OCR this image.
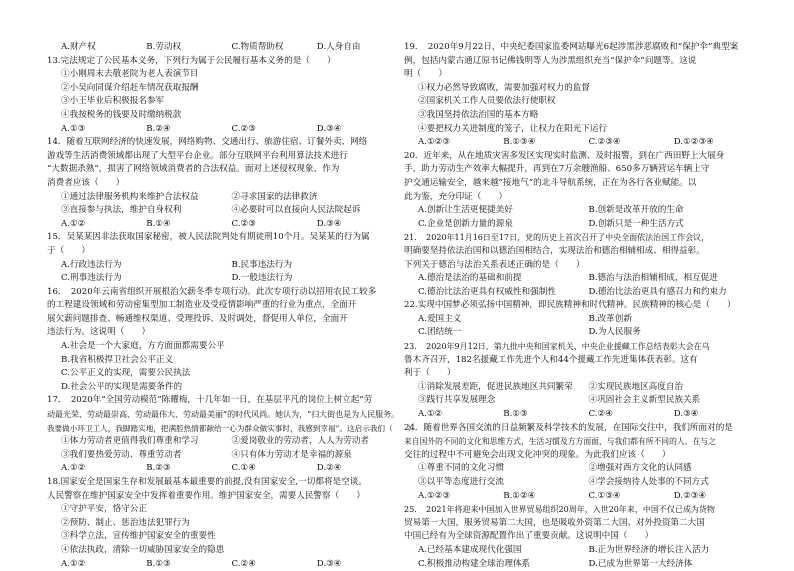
A.财产权	B.劳动权	C.物质帮助权	D.人身自由
13.完法规定了公民基本义务，下列行为属于公民履行基本义务的是（　　）
①小刚周末去敬老院为老人表演节目
②小吴向同谋介绍赶车情况获取报酬
③小王毕业后积极报名参军
④我按税务的钱要及时缴纳税款
A.①③	B.②④	C.②③	D.③④
14．随着互联网经济的快速发展，网络购物、交通出行、旅游住宿、订餐外卖、网络
游戏等生活消费领域都出现了大型平台企业。部分互联网平台利用算法技术进行
“大数据杀熟”，损害了网络领域消费者的合法权益。面对上述侵权现象，作为
消费者应该（　　）
①通过法律服务机构来维护合法权益	②寻求国家的法律救济
③直接参与执法，维护自身权利	④必要时可以直接向人民法院起诉
A.①②	B.①④	C.②③	D.③④
15．吴某某因非法获取国家秘密，被人民法院判处有期徒刑10个月。吴某某的行为属
于（　　）
A.行政违法行为	B.民事违法行为
C.刑事违法行为	D.一般违法行为
16．　2020年云南省组织开展根治欠薪冬季专项行动。此次专项行动以招用农民工较多
的工程建设领域和劳动密集型加工制造业及受疫情影响严重的行业为重点，全面开
展欠薪问题排查、畅通维权渠道、受理投诉、及时调处，督促用人单位，全面开
违法行为。这说明（　　）
A.社会是一个大家庭，方方面面都需要公平
B.我省积极捍卫社会公平正义
C.公平正义的实现，需要公民执法
D.社会公平的实现是需要条件的
17．　2020年“全国劳动模范”陈耀梅，十几年如一日，在基层平凡的岗位上树立起“劳
动最光荣、劳动最崇高、劳动最伟大、劳动最美丽”的时代风尚。她认为，“扫大街也是为人民服务。
我要做小环卫工人，我脚踏实地，把满腔热情都献给一心为群众做实事时，我感到幸福”。这启示我们（　　）
①体力劳动者更值得我们尊重和学习	②爱岗敬业的劳动者，人人为劳动者
③我们要热爱劳动、尊重劳动者	④只有体力劳动才是幸福的源泉
A.①②	B.②③	C.①④	D.②④
18.国家安全是国家生存和发展最基本最重要的前提,没有国家安全,一切都将是空谈。
人民警察在维护国家安全中发挥着重要作用。维护国家安全，需要人民警察（　　）
①守护平安，恪守公正
②预防、制止、惩治违法犯罪行为
③科学立法，宣传维护国家安全的重要性
④依法执政，清除一切威胁国家安全的隐患
A.①②	B.①③	C.②④	D.③④
19．　2020年9月22日，中央纪委国家监委网站曝光6起涉黑涉恶腐败和“保护伞”典型案
例，包括内蒙古通辽原书记佛钱明等人为涉黑组织充当“保护伞”问题等。这说
明（　　）
①权力必然导致腐败，需要加强对权力的监督
②国家机关工作人员要依法行使职权
③我国坚持依法治国的基本方略
④要把权力关进制度的笼子，让权力在阳光下运行
A.①②③	B.①③④	C.②③④	D.①②③④
20．近年来，从在地质灾害多发区实现实时监测、及时报警，到在广西田野上大展身
手，助力劳动生产效率大幅提升，再到在7万余艘渔船、650多万辆营运车辆上守
护交通运输安全，越来越“接地气”的北斗导航系统，正在为各行各业赋能。以
此为鉴，充分印证（　　）
A.创新让生活更便捷美好	B.创新是改革开放的生命
C.企业是创新力量的源泉	D.创新只是一种生活方式
21．　2020年11月16日至17日，党的历史上首次召开了中央全面依法治国工作会议，
明确要坚持依法治国和以德治国相结合，实现法治和德治相辅相成、相得益彰。
下列关于德治与法治关系表述正确的是（　　）
A.德治是法治的基础和前提	B.德治与法治相辅相成，相互促进
C.德治比法治更具有权威性和强制性	D.德治比法治更具有感召力和约束力
22.实现中国梦必须弘扬中国精神，即民族精神和时代精神。民族精神的核心是（　　）
A.爱国主义	B.改革创新
C.团结统一	D.为人民服务
23．　2020年9月12日，第九批中央和国家机关、中央企业援藏工作总结表彰大会在乌
鲁木齐召开，182名援藏工作先进个人和44个援藏工作先进集体获表彰。这有
利于（　　）
①消除发展差距，促进民族地区共同繁荣	②实现民族地区高度自治
③践行共享发展理念	④巩固社会主义新型民族关系
A.①②	B.①③	C.②④	D.③④
24．随着世界各国交流的日益频繁及科学技术的发展，在国际交往中，我们所面对的是
来自国外的不同的文化和思维方式，生活习惯及方方面面，与我们都有所不同的人。在与之
交往的过程中不可避免会出现文化冲突的现象。为此我们应该（　　）
①尊重不同的文化习惯	②增强对西方文化的认同感
③以平等态度进行交流	④学会接纳待人处事的不同方式
A.①②③	B.①②④	C.①③④	D.②③④
25．　2021年将迎来中国加入世界贸易组织20周年，入世20年来，中国不仅已成为货物
贸易第一大国，服务贸易第二大国，也是吸收外资第二大国、对外投资第二大国
中国已经有为全球资源配置作出了重要贡献。这说明中国（　　）
A.已经基本建成现代化强国	B.正为世界经济的增长注入活力
C.积极推动构建全球治理体系	D.已成为世界第一大经济体
